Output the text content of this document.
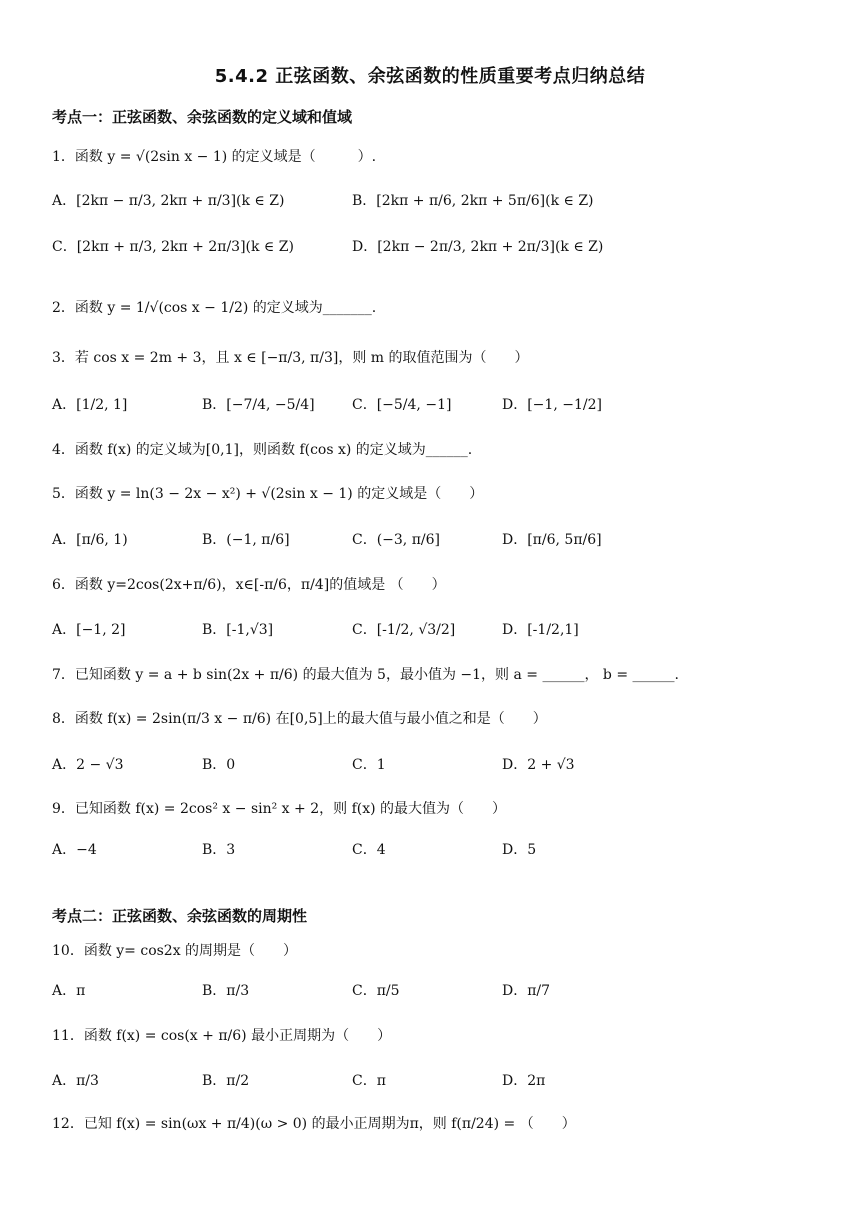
5.4.2 正弦函数、余弦函数的性质重要考点归纳总结
考点一：正弦函数、余弦函数的定义域和值域
1．函数 y = √(2sin x − 1) 的定义域是（　　　）.
A．[2kπ − π/3, 2kπ + π/3](k ∈ Z)	B．[2kπ + π/6, 2kπ + 5π/6](k ∈ Z)
C．[2kπ + π/3, 2kπ + 2π/3](k ∈ Z)	D．[2kπ − 2π/3, 2kπ + 2π/3](k ∈ Z)
2．函数 y = 1/√(cos x − 1/2) 的定义域为_______.
3．若 cos x = 2m + 3，且 x ∈ [−π/3, π/3]，则 m 的取值范围为（　　）
A．[1/2, 1]	B．[−7/4, −5/4]	C．[−5/4, −1]	D．[−1, −1/2]
4．函数 f(x) 的定义域为[0,1]，则函数 f(cos x) 的定义域为______.
5．函数 y = ln(3 − 2x − x²) + √(2sin x − 1) 的定义域是（　　）
A．[π/6, 1)	B．(−1, π/6]	C．(−3, π/6]	D．[π/6, 5π/6]
6．函数 y=2cos(2x+π/6)，x∈[-π/6，π/4]的值域是 （　　）
A．[−1, 2]	B．[-1,√3]	C．[-1/2, √3/2]	D．[-1/2,1]
7．已知函数 y = a + b sin(2x + π/6) 的最大值为 5，最小值为 −1，则 a = ______， b = ______.
8．函数 f(x) = 2sin(π/3 x − π/6) 在[0,5]上的最大值与最小值之和是（　　）
A．2 − √3	B．0	C．1	D．2 + √3
9．已知函数 f(x) = 2cos² x − sin² x + 2，则 f(x) 的最大值为（　　）
A．−4	B．3	C．4	D．5
考点二：正弦函数、余弦函数的周期性
10．函数 y= cos2x 的周期是（　　）
A．π	B．π/3	C．π/5	D．π/7
11．函数 f(x) = cos(x + π/6) 最小正周期为（　　）
A．π/3	B．π/2	C．π	D．2π
12．已知 f(x) = sin(ωx + π/4)(ω > 0) 的最小正周期为π，则 f(π/24) = （　　）
